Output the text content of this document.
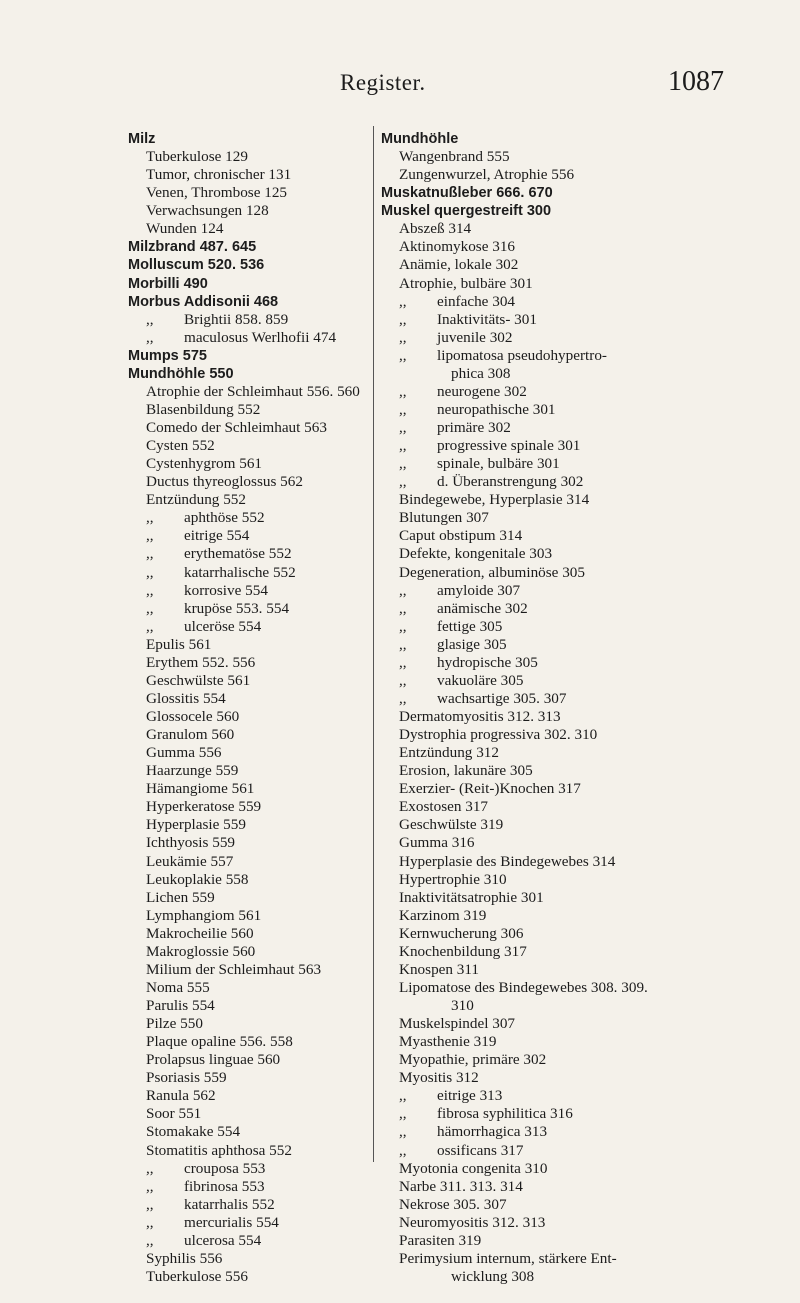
Register.	1087
Milz
Tuberkulose 129
Tumor, chronischer 131
Venen, Thrombose 125
Verwachsungen 128
Wunden 124
Milzbrand 487. 645
Molluscum 520. 536
Morbilli 490
Morbus Addisonii 468
,, Brightii 858. 859
,, maculosus Werlhofii 474
Mumps 575
Mundhöhle 550
Atrophie der Schleimhaut 556. 560
Blasenbildung 552
Comedo der Schleimhaut 563
Cysten 552
Cystenhygrom 561
Ductus thyreoglossus 562
Entzündung 552
,, aphthöse 552
,, eitrige 554
,, erythematöse 552
,, katarrhalische 552
,, korrosive 554
,, krupöse 553. 554
,, ulceröse 554
Epulis 561
Erythem 552. 556
Geschwülste 561
Glossitis 554
Glossocele 560
Granulom 560
Gumma 556
Haarzunge 559
Hämangiome 561
Hyperkeratose 559
Hyperplasie 559
Ichthyosis 559
Leukämie 557
Leukoplakie 558
Lichen 559
Lymphangiom 561
Makrocheilie 560
Makroglossie 560
Milium der Schleimhaut 563
Noma 555
Parulis 554
Pilze 550
Plaque opaline 556. 558
Prolapsus linguae 560
Psoriasis 559
Ranula 562
Soor 551
Stomakake 554
Stomatitis aphthosa 552
,, crouposa 553
,, fibrinosa 553
,, katarrhalis 552
,, mercurialis 554
,, ulcerosa 554
Syphilis 556
Tuberkulose 556
Mundhöhle
Wangenbrand 555
Zungenwurzel, Atrophie 556
Muskatnußleber 666. 670
Muskel quergestreift 300
Abszeß 314
Aktinomykose 316
Anämie, lokale 302
Atrophie, bulbäre 301
,, einfache 304
,, Inaktivitäts- 301
,, juvenile 302
,, lipomatosa pseudohypertro-
phica 308
,, neurogene 302
,, neuropathische 301
,, primäre 302
,, progressive spinale 301
,, spinale, bulbäre 301
,, d. Überanstrengung 302
Bindegewebe, Hyperplasie 314
Blutungen 307
Caput obstipum 314
Defekte, kongenitale 303
Degeneration, albuminöse 305
,, amyloide 307
,, anämische 302
,, fettige 305
,, glasige 305
,, hydropische 305
,, vakuoläre 305
,, wachsartige 305. 307
Dermatomyositis 312. 313
Dystrophia progressiva 302. 310
Entzündung 312
Erosion, lakunäre 305
Exerzier- (Reit-)Knochen 317
Exostosen 317
Geschwülste 319
Gumma 316
Hyperplasie des Bindegewebes 314
Hypertrophie 310
Inaktivitätsatrophie 301
Karzinom 319
Kernwucherung 306
Knochenbildung 317
Knospen 311
Lipomatose des Bindegewebes 308. 309.
310
Muskelspindel 307
Myasthenie 319
Myopathie, primäre 302
Myositis 312
,, eitrige 313
,, fibrosa syphilitica 316
,, hämorrhagica 313
,, ossificans 317
Myotonia congenita 310
Narbe 311. 313. 314
Nekrose 305. 307
Neuromyositis 312. 313
Parasiten 319
Perimysium internum, stärkere Ent-
wicklung 308
